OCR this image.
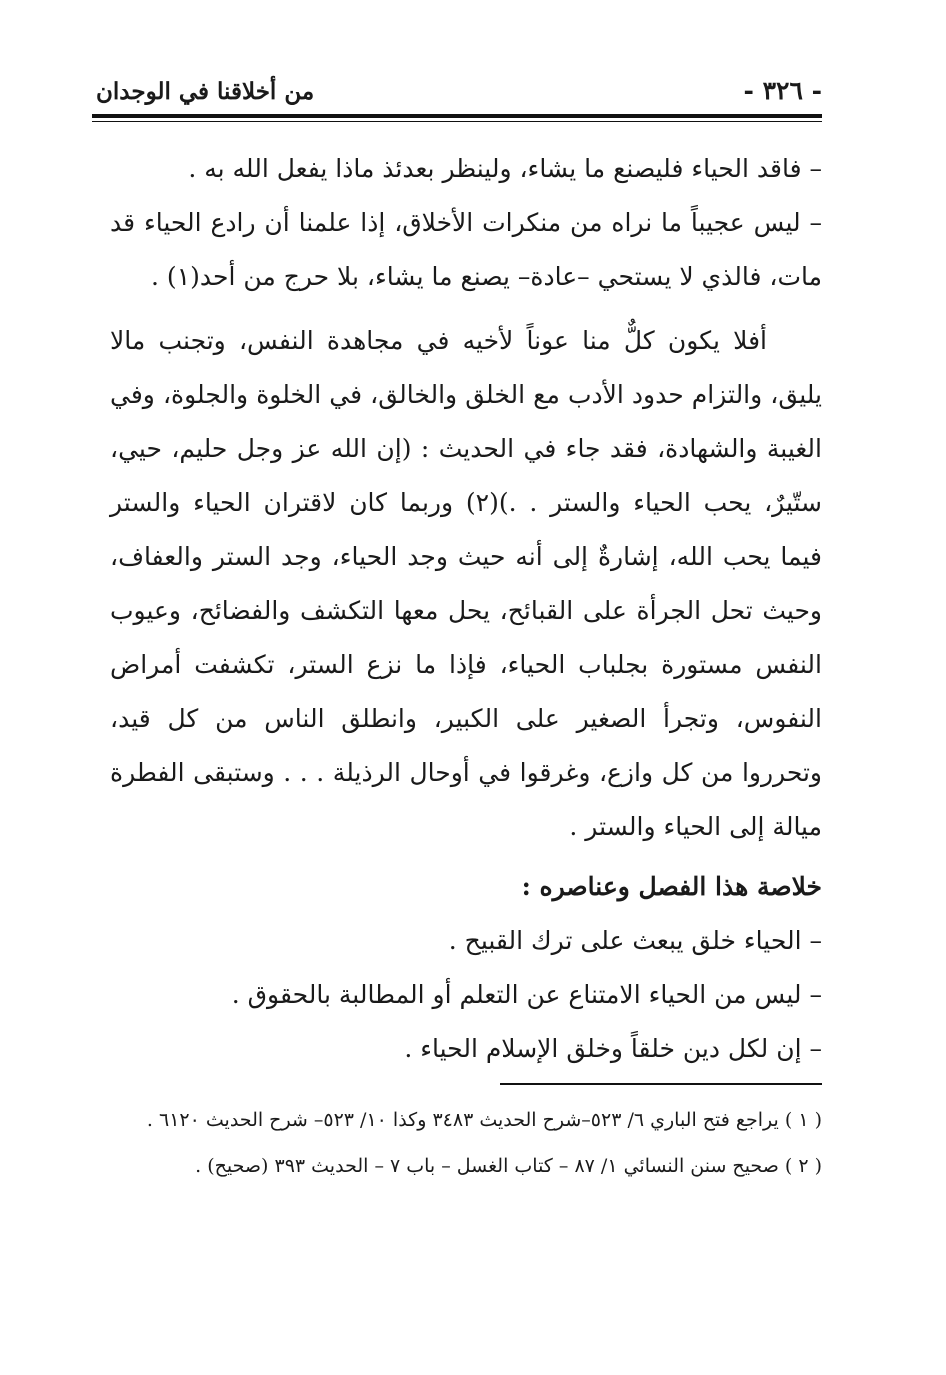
- ٣٢٦ -
من أخلاقنا في الوجدان

– فاقد الحياء فليصنع ما يشاء، ولينظر بعدئذ ماذا يفعل الله به .

– ليس عجيباً ما نراه من منكرات الأخلاق، إذا علمنا أن رادع الحياء قد مات، فالذي لا يستحي –عادة– يصنع ما يشاء، بلا حرج من أحد(١) .

أفلا يكون كلٌّ منا عوناً لأخيه في مجاهدة النفس، وتجنب مالا يليق، والتزام حدود الأدب مع الخلق والخالق، في الخلوة والجلوة، وفي الغيبة والشهادة، فقد جاء في الحديث : (إن الله عز وجل حليم، حيي، ستّيرٌ، يحب الحياء والستر . .)(٢) وربما كان لاقتران الحياء والستر فيما يحب الله، إشارةٌ إلى أنه حيث وجد الحياء، وجد الستر والعفاف، وحيث تحل الجرأة على القبائح، يحل معها التكشف والفضائح، وعيوب النفس مستورة بجلباب الحياء، فإذا ما نزع الستر، تكشفت أمراض النفوس، وتجرأ الصغير على الكبير، وانطلق الناس من كل قيد، وتحرروا من كل وازع، وغرقوا في أوحال الرذيلة . . . وستبقى الفطرة ميالة إلى الحياء والستر .

خلاصة هذا الفصل وعناصره :

– الحياء خلق يبعث على ترك القبيح .

– ليس من الحياء الامتناع عن التعلم أو المطالبة بالحقوق .

– إن لكل دين خلقاً وخلق الإسلام الحياء .

( ١ ) يراجع فتح الباري ٦/ ٥٢٣–شرح الحديث ٣٤٨٣ وكذا ١٠/ ٥٢٣– شرح الحديث ٦١٢٠ .

( ٢ ) صحيح سنن النسائي ١/ ٨٧ – كتاب الغسل – باب ٧ – الحديث ٣٩٣ (صحيح) .
